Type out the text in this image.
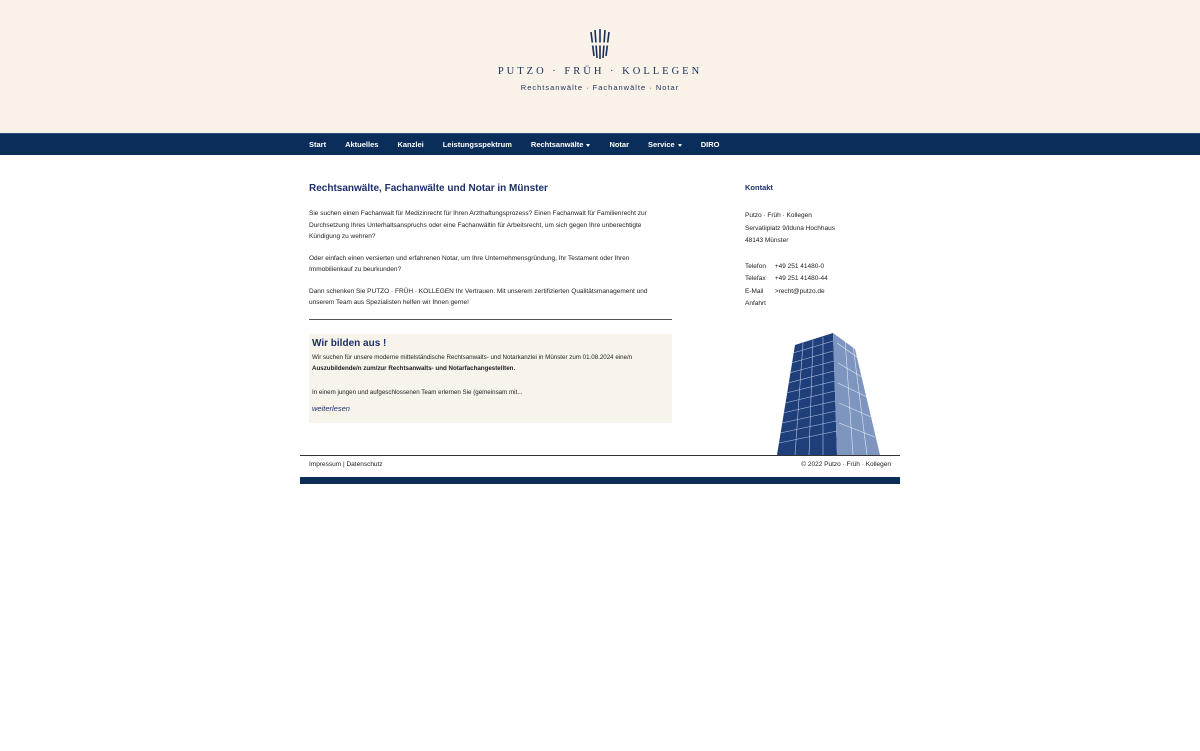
PUTZO · FRÜH · KOLLEGEN
Rechtsanwälte · Fachanwälte · Notar
Start	Aktuelles	Kanzlei	Leistungsspektrum	Rechtsanwälte	Notar	Service	DIRO
Rechtsanwälte, Fachanwälte und Notar in Münster

Sie suchen einen Fachanwalt für Medizinrecht für Ihren Arzthaftungsprozess? Einen Fachanwalt für Familienrecht zur Durchsetzung Ihres Unterhaltsanspruchs oder eine Fachanwältin für Arbeitsrecht, um sich gegen Ihre unberechtigte Kündigung zu wehren?

Oder einfach einen versierten und erfahrenen Notar, um Ihre Unternehmensgründung, Ihr Testament oder Ihren Immobilienkauf zu beurkunden?

Dann schenken Sie PUTZO · FRÜH · KOLLEGEN Ihr Vertrauen. Mit unserem zertifizierten Qualitätsmanagement und unserem Team aus Spezialisten helfen wir Ihnen gerne!

Wir bilden aus !

Wir suchen für unsere moderne mittelständische Rechtsanwalts- und Notarkanzlei in Münster zum 01.08.2024 eine/n
Auszubildende/n zum/zur Rechtsanwalts- und Notarfachangestellten.

In einem jungen und aufgeschlossenen Team erlernen Sie (gemeinsam mit...

weiterlesen
Kontakt
Putzo · Früh · Kollegen
Servatiiplatz 9/Iduna Hochhaus
48143 Münster
Telefon +49 251 41480-0
Telefax +49 251 41480-44
E-Mail >recht@putzo.de
Anfahrt
Impressum | Datenschutz	© 2022 Putzo · Früh · Kollegen
